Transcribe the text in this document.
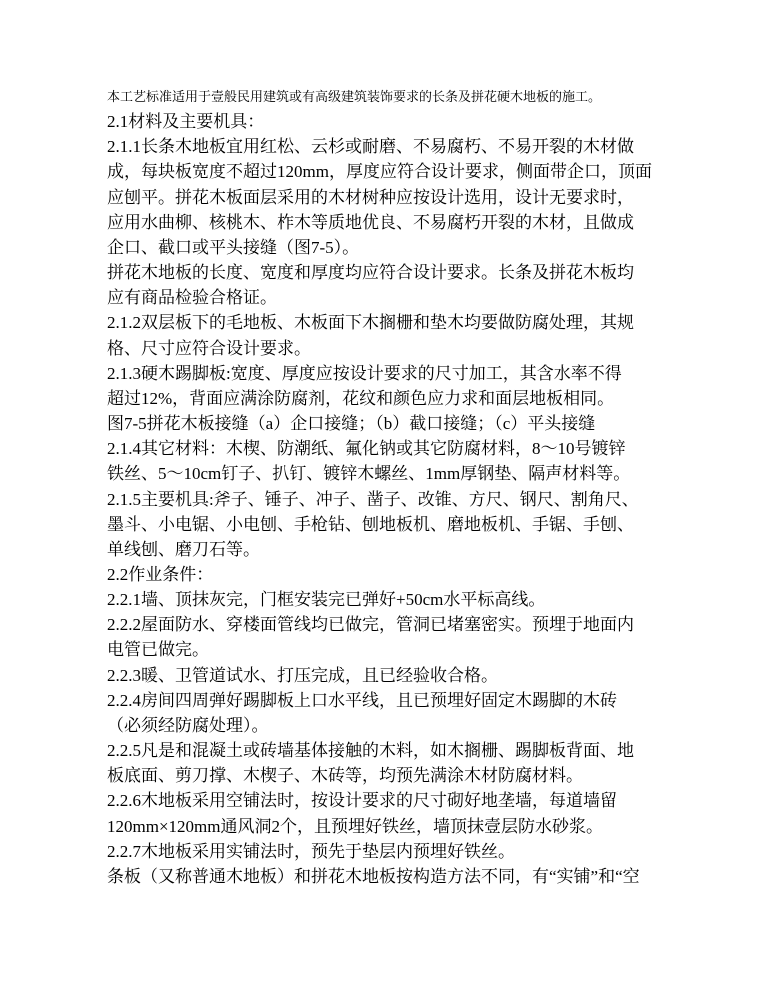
本工艺标准适用于壹般民用建筑或有高级建筑装饰要求的长条及拼花硬木地板的施工。
2.1材料及主要机具：
2.1.1长条木地板宜用红松、云杉或耐磨、不易腐朽、不易开裂的木材做
成，每块板宽度不超过120mm，厚度应符合设计要求，侧面带企口，顶面
应刨平。拼花木板面层采用的木材树种应按设计选用，设计无要求时，
应用水曲柳、核桃木、柞木等质地优良、不易腐朽开裂的木材，且做成
企口、截口或平头接缝（图7-5）。
拼花木地板的长度、宽度和厚度均应符合设计要求。长条及拼花木板均
应有商品检验合格证。
2.1.2双层板下的毛地板、木板面下木搁栅和垫木均要做防腐处理，其规
格、尺寸应符合设计要求。
2.1.3硬木踢脚板:宽度、厚度应按设计要求的尺寸加工，其含水率不得
超过12%，背面应满涂防腐剂，花纹和颜色应力求和面层地板相同。
图7-5拼花木板接缝（a）企口接缝；（b）截口接缝；（c）平头接缝
2.1.4其它材料：木楔、防潮纸、氟化钠或其它防腐材料，8～10号镀锌
铁丝、5～10cm钉子、扒钉、镀锌木螺丝、1mm厚钢垫、隔声材料等。
2.1.5主要机具:斧子、锤子、冲子、凿子、改锥、方尺、钢尺、割角尺、
墨斗、小电锯、小电刨、手枪钻、刨地板机、磨地板机、手锯、手刨、
单线刨、磨刀石等。
2.2作业条件：
2.2.1墙、顶抹灰完，门框安装完已弹好+50cm水平标高线。
2.2.2屋面防水、穿楼面管线均已做完，管洞已堵塞密实。预埋于地面内
电管已做完。
2.2.3暖、卫管道试水、打压完成，且已经验收合格。
2.2.4房间四周弹好踢脚板上口水平线，且已预埋好固定木踢脚的木砖
（必须经防腐处理）。
2.2.5凡是和混凝土或砖墙基体接触的木料，如木搁栅、踢脚板背面、地
板底面、剪刀撑、木楔子、木砖等，均预先满涂木材防腐材料。
2.2.6木地板采用空铺法时，按设计要求的尺寸砌好地垄墙，每道墙留
120mm×120mm通风洞2个，且预埋好铁丝，墙顶抹壹层防水砂浆。
2.2.7木地板采用实铺法时，预先于垫层内预埋好铁丝。
条板（又称普通木地板）和拼花木地板按构造方法不同，有“实铺”和“空
